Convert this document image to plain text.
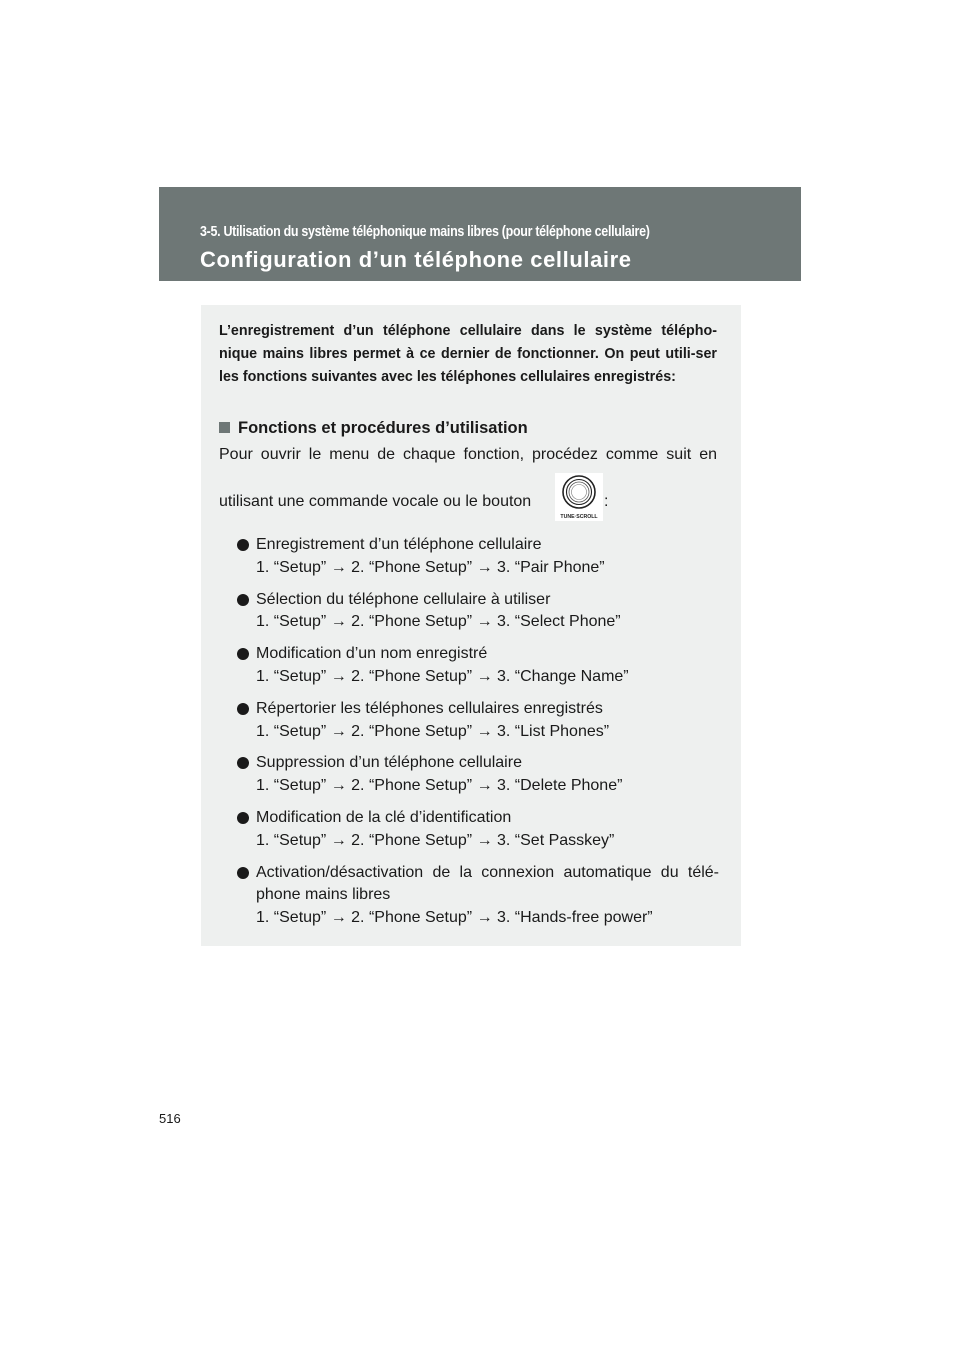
3-5. Utilisation du système téléphonique mains libres (pour téléphone cellulaire)
Configuration d’un téléphone cellulaire

L’enregistrement d’un téléphone cellulaire dans le système télépho-nique mains libres permet à ce dernier de fonctionner. On peut utili-ser les fonctions suivantes avec les téléphones cellulaires enregistrés:

Fonctions et procédures d’utilisation
Pour ouvrir le menu de chaque fonction, procédez comme suit en
utilisant une commande vocale ou le bouton
TUNE·SCROLL
:
Enregistrement d’un téléphone cellulaire
1. “Setup” → 2. “Phone Setup” → 3. “Pair Phone”
Sélection du téléphone cellulaire à utiliser
1. “Setup” → 2. “Phone Setup” → 3. “Select Phone”
Modification d’un nom enregistré
1. “Setup” → 2. “Phone Setup” → 3. “Change Name”
Répertorier les téléphones cellulaires enregistrés
1. “Setup” → 2. “Phone Setup” → 3. “List Phones”
Suppression d’un téléphone cellulaire
1. “Setup” → 2. “Phone Setup” → 3. “Delete Phone”
Modification de la clé d’identification
1. “Setup” → 2. “Phone Setup” → 3. “Set Passkey”
Activation/désactivation de la connexion automatique du télé-phone mains libres
1. “Setup” → 2. “Phone Setup” → 3. “Hands-free power”
516
